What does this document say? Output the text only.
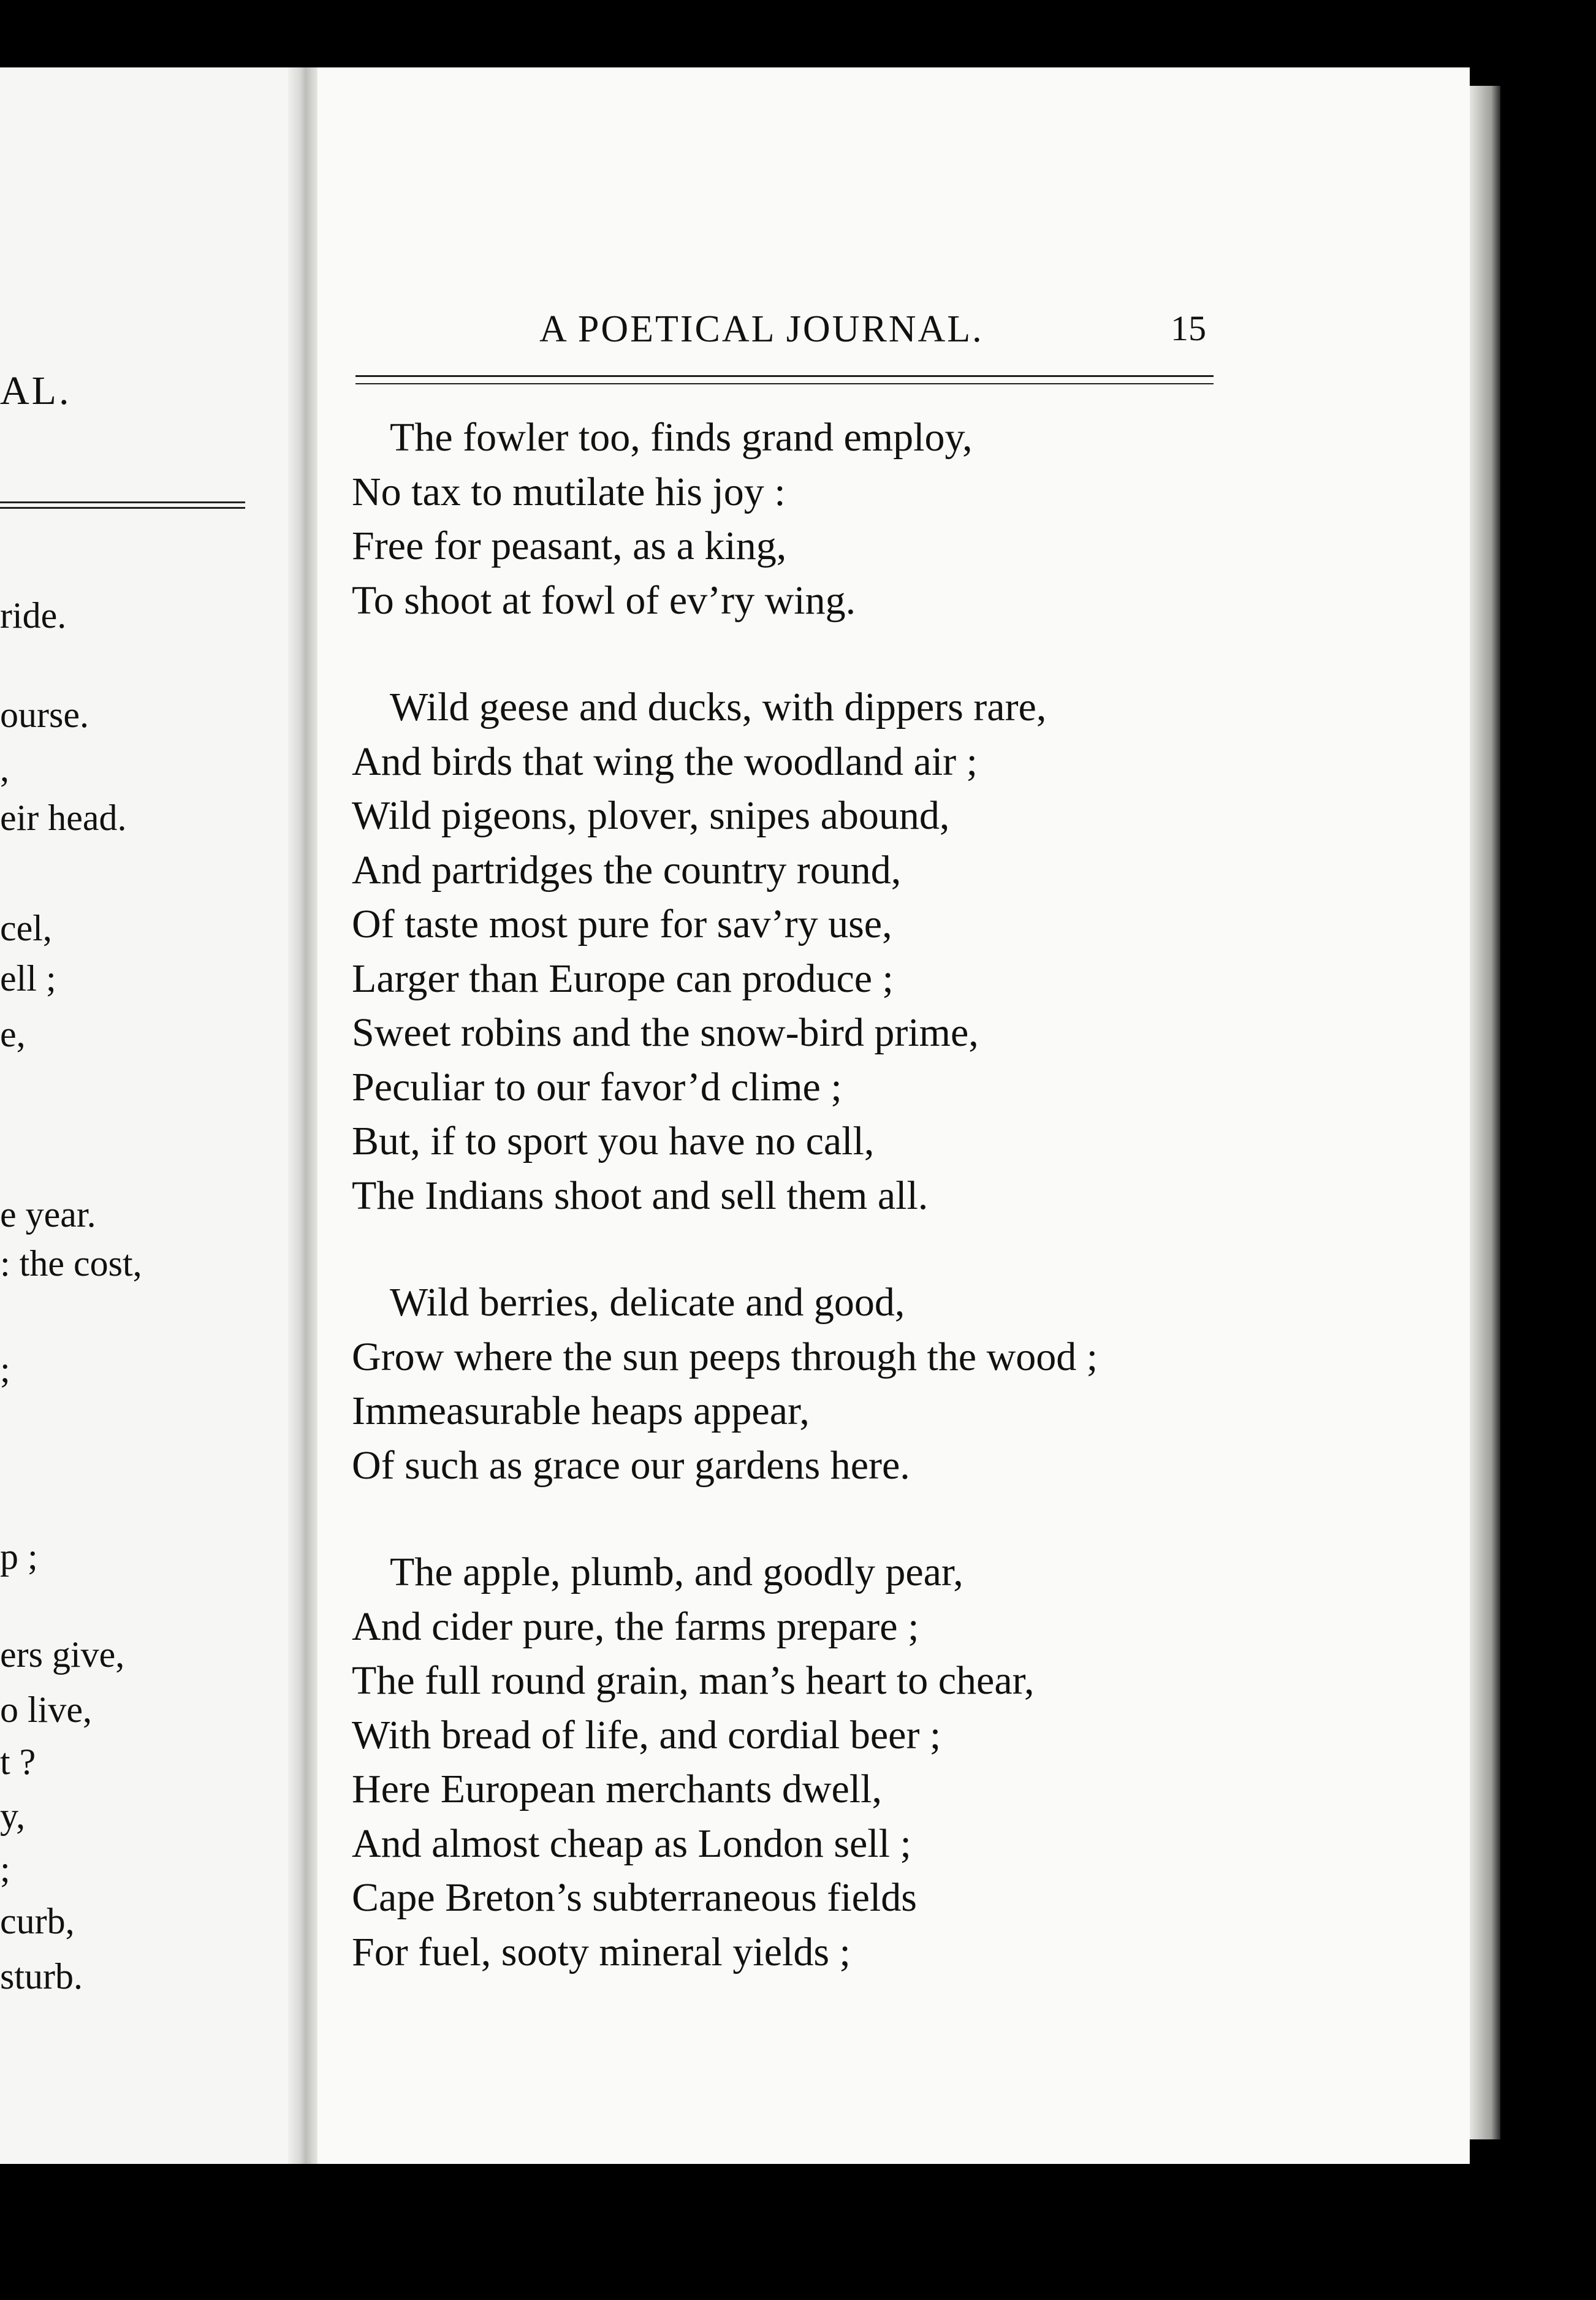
AL.
ride.
ourse.
,
eir head.
cel,
ell ;
e,
e year.
: the cost,
;
p ;
ers give,
o live,
t ?
y,
;
curb,
sturb.
A POETICAL JOURNAL.	15
The fowler too, finds grand employ,
No tax to mutilate his joy :
Free for peasant, as a king,
To shoot at fowl of ev’ry wing.
Wild geese and ducks, with dippers rare,
And birds that wing the woodland air ;
Wild pigeons, plover, snipes abound,
And partridges the country round,
Of taste most pure for sav’ry use,
Larger than Europe can produce ;
Sweet robins and the snow-bird prime,
Peculiar to our favor’d clime ;
But, if to sport you have no call,
The Indians shoot and sell them all.
Wild berries, delicate and good,
Grow where the sun peeps through the wood ;
Immeasurable heaps appear,
Of such as grace our gardens here.
The apple, plumb, and goodly pear,
And cider pure, the farms prepare ;
The full round grain, man’s heart to chear,
With bread of life, and cordial beer ;
Here European merchants dwell,
And almost cheap as London sell ;
Cape Breton’s subterraneous fields
For fuel, sooty mineral yields ;
